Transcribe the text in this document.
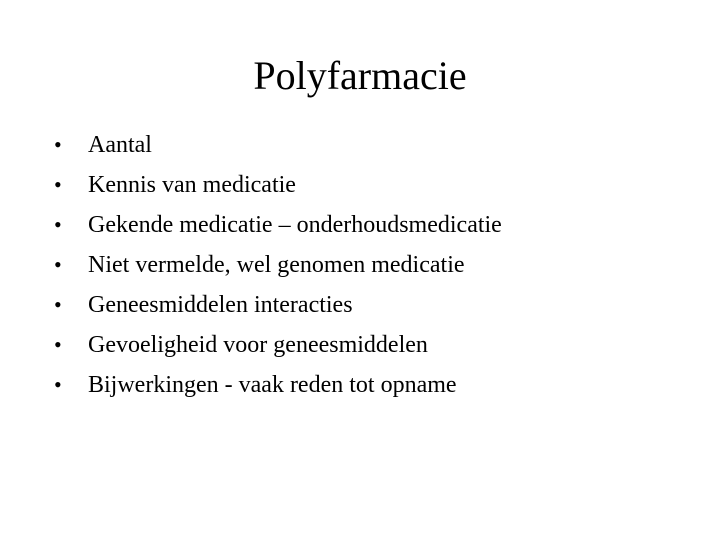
Polyfarmacie
•	Aantal
•	Kennis van medicatie
•	Gekende medicatie – onderhoudsmedicatie
•	Niet vermelde, wel genomen medicatie
•	Geneesmiddelen interacties
•	Gevoeligheid voor geneesmiddelen
•	Bijwerkingen - vaak reden tot opname
